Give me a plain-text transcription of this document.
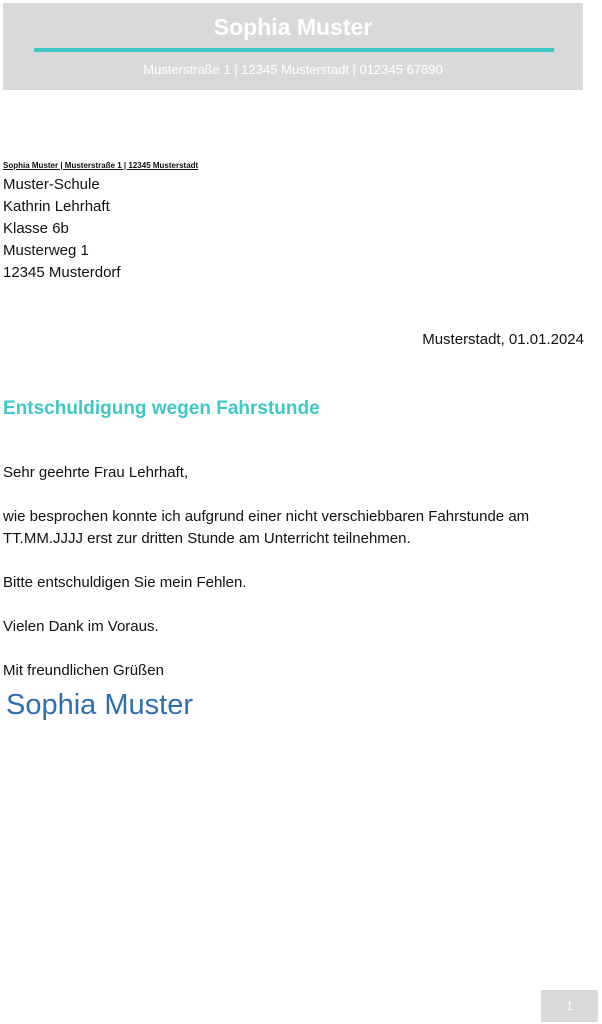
Sophia Muster
Musterstraße 1 | 12345 Musterstadt | 012345 67890
Sophia Muster | Musterstraße 1 | 12345 Musterstadt
Muster-Schule
Kathrin Lehrhaft
Klasse 6b
Musterweg 1
12345 Musterdorf
Musterstadt, 01.01.2024
Entschuldigung wegen Fahrstunde
Sehr geehrte Frau Lehrhaft,
wie besprochen konnte ich aufgrund einer nicht verschiebbaren Fahrstunde am TT.MM.JJJJ erst zur dritten Stunde am Unterricht teilnehmen.
Bitte entschuldigen Sie mein Fehlen.
Vielen Dank im Voraus.
Mit freundlichen Grüßen
Sophia Muster
1
